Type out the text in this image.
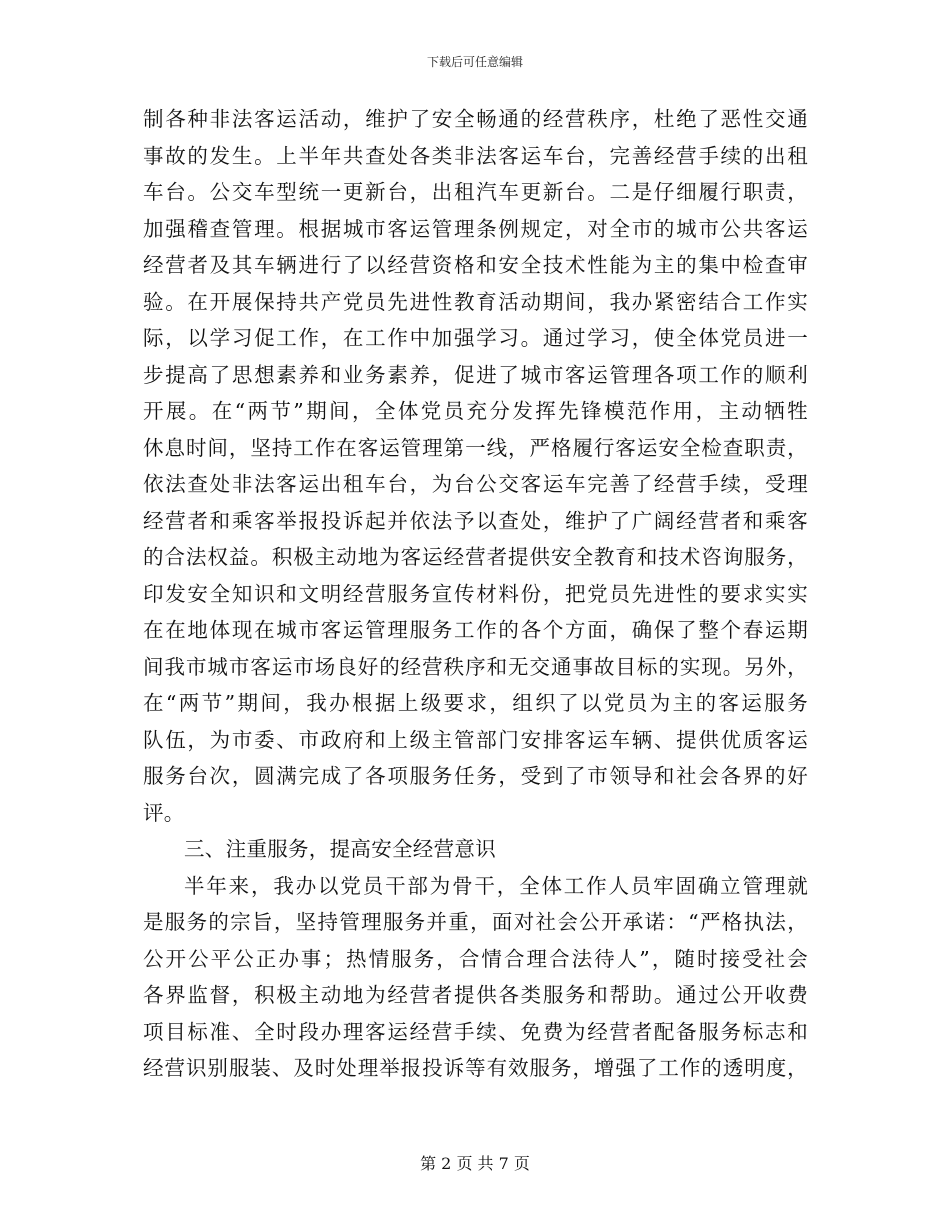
下载后可任意编辑
制各种非法客运活动，维护了安全畅通的经营秩序，杜绝了恶性交通
事故的发生。上半年共查处各类非法客运车台，完善经营手续的出租
车台。公交车型统一更新台，出租汽车更新台。二是仔细履行职责，
加强稽查管理。根据城市客运管理条例规定，对全市的城市公共客运
经营者及其车辆进行了以经营资格和安全技术性能为主的集中检查审
验。在开展保持共产党员先进性教育活动期间，我办紧密结合工作实
际，以学习促工作，在工作中加强学习。通过学习，使全体党员进一
步提高了思想素养和业务素养，促进了城市客运管理各项工作的顺利
开展。在“两节”期间，全体党员充分发挥先锋模范作用，主动牺牲
休息时间，坚持工作在客运管理第一线，严格履行客运安全检查职责，
依法查处非法客运出租车台，为台公交客运车完善了经营手续，受理
经营者和乘客举报投诉起并依法予以查处，维护了广阔经营者和乘客
的合法权益。积极主动地为客运经营者提供安全教育和技术咨询服务，
印发安全知识和文明经营服务宣传材料份，把党员先进性的要求实实
在在地体现在城市客运管理服务工作的各个方面，确保了整个春运期
间我市城市客运市场良好的经营秩序和无交通事故目标的实现。另外，
在“两节”期间，我办根据上级要求，组织了以党员为主的客运服务
队伍，为市委、市政府和上级主管部门安排客运车辆、提供优质客运
服务台次，圆满完成了各项服务任务，受到了市领导和社会各界的好
评。
三、注重服务，提高安全经营意识
半年来，我办以党员干部为骨干，全体工作人员牢固确立管理就
是服务的宗旨，坚持管理服务并重，面对社会公开承诺：“严格执法，
公开公平公正办事；热情服务，合情合理合法待人”，随时接受社会
各界监督，积极主动地为经营者提供各类服务和帮助。通过公开收费
项目标准、全时段办理客运经营手续、免费为经营者配备服务标志和
经营识别服装、及时处理举报投诉等有效服务，增强了工作的透明度，
第 2 页 共 7 页
